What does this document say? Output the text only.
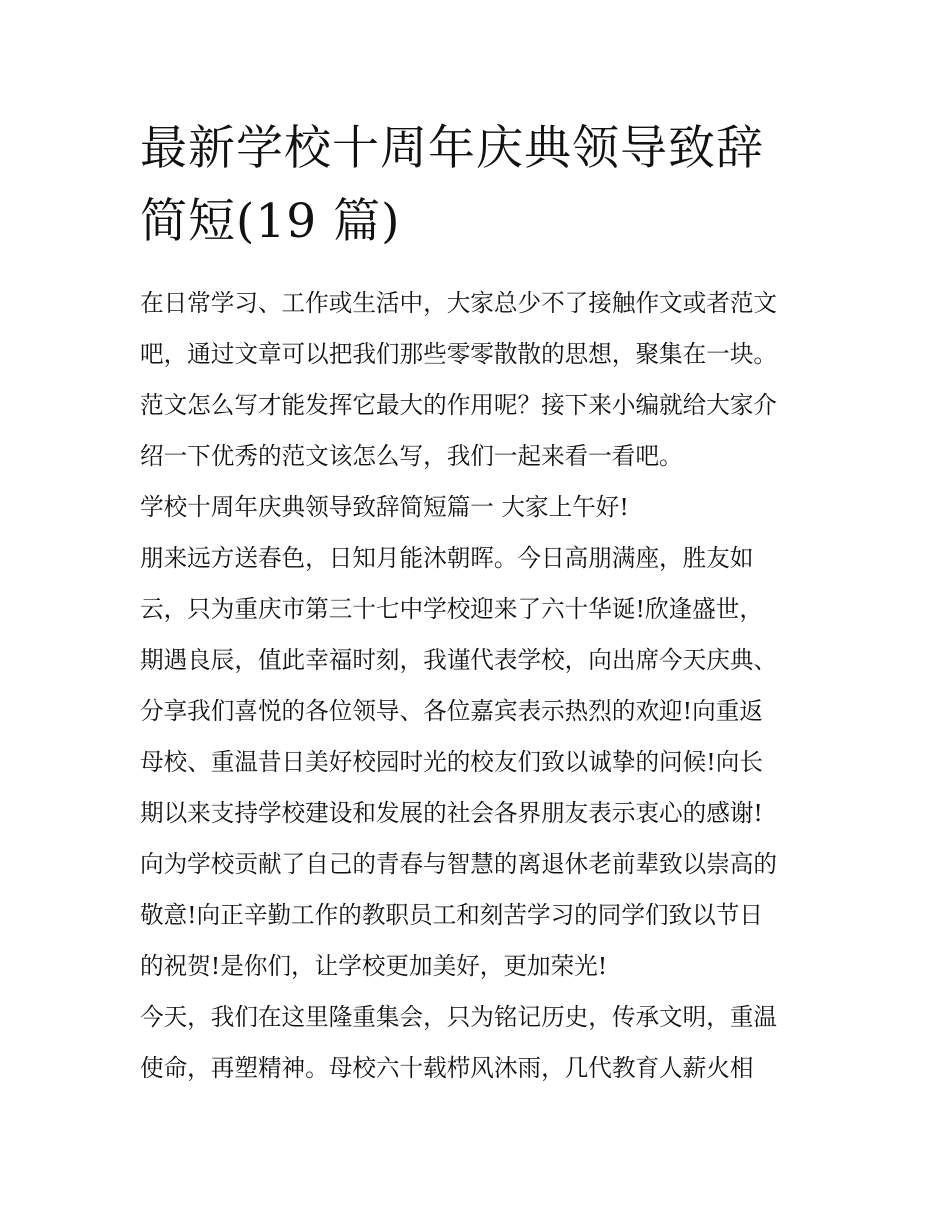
最新学校十周年庆典领导致辞
简短(19 篇)
在日常学习、工作或生活中，大家总少不了接触作文或者范文
吧，通过文章可以把我们那些零零散散的思想，聚集在一块。
范文怎么写才能发挥它最大的作用呢？接下来小编就给大家介
绍一下优秀的范文该怎么写，我们一起来看一看吧。
学校十周年庆典领导致辞简短篇一 大家上午好!
朋来远方送春色，日知月能沐朝晖。今日高朋满座，胜友如
云，只为重庆市第三十七中学校迎来了六十华诞!欣逢盛世，
期遇良辰，值此幸福时刻，我谨代表学校，向出席今天庆典、
分享我们喜悦的各位领导、各位嘉宾表示热烈的欢迎!向重返
母校、重温昔日美好校园时光的校友们致以诚挚的问候!向长
期以来支持学校建设和发展的社会各界朋友表示衷心的感谢!
向为学校贡献了自己的青春与智慧的离退休老前辈致以崇高的
敬意!向正辛勤工作的教职员工和刻苦学习的同学们致以节日
的祝贺!是你们，让学校更加美好，更加荣光!
今天，我们在这里隆重集会，只为铭记历史，传承文明，重温
使命，再塑精神。母校六十载栉风沐雨，几代教育人薪火相
